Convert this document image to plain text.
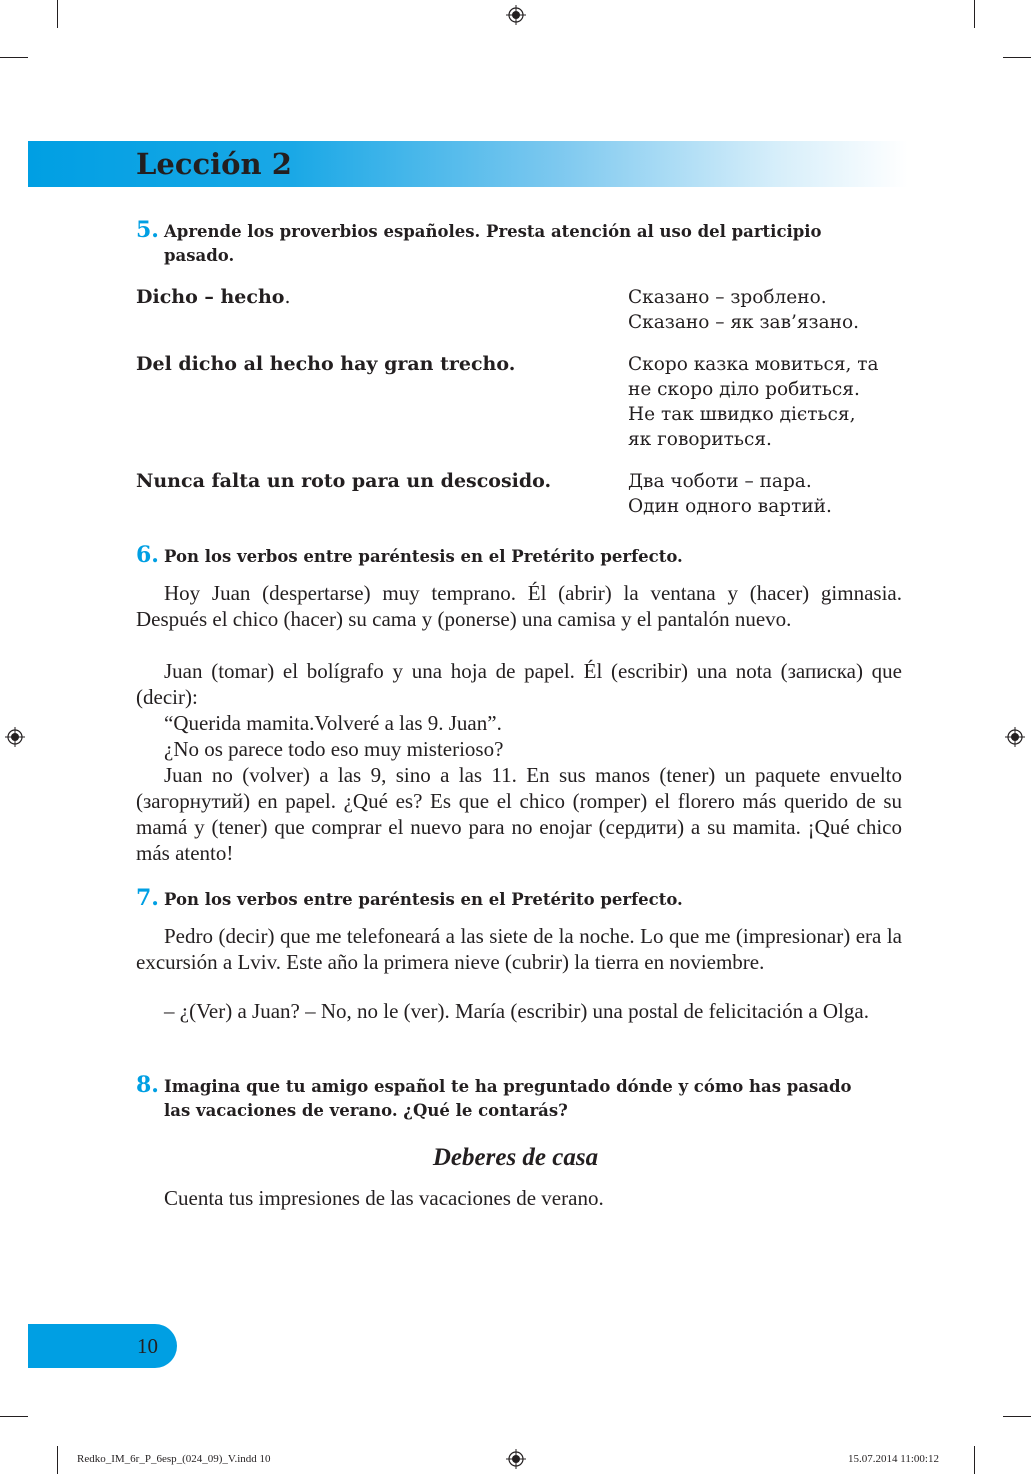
Lección 2
5. Aprende los proverbios españoles. Presta atención al uso del participio
pasado.
Dicho – hecho.	Сказано – зроблено.
Сказано – як зав’язано.
Del dicho al hecho hay gran trecho.	Скоро казка мовиться, та
не скоро діло робиться.
Не так швидко діється,
як говориться.
Nunca falta un roto para un descosido.	Два чоботи – пара.
Один одного вартий.
6. Pon los verbos entre paréntesis en el Pretérito perfecto.

Hoy Juan (despertarse) muy temprano. Él (abrir) la ventana y (hacer) gimnasia. Después el chico (hacer) su cama y (ponerse) una camisa y el pantalón nuevo.

Juan (tomar) el bolígrafo y una hoja de papel. Él (escribir) una nota (записка) que (decir):

“Querida mamita.Volveré a las 9. Juan”.

¿No os parece todo eso muy misterioso?

Juan no (volver) a las 9, sino a las 11. En sus manos (tener) un paquete envuelto (загорнутий) en papel. ¿Qué es? Es que el chico (romper) el florero más querido de su mamá y (tener) que comprar el nuevo para no enojar (сердити) a su mamita. ¡Qué chico más atento!

7. Pon los verbos entre paréntesis en el Pretérito perfecto.

Pedro (decir) que me telefoneará a las siete de la noche. Lo que me (impresionar) era la excursión a Lviv. Este año la primera nieve (cubrir) la tierra en noviembre.

– ¿(Ver) a Juan? – No, no le (ver). María (escribir) una postal de felicitación a Olga.

8. Imagina que tu amigo español te ha preguntado dónde y cómo has pasado
las vacaciones de verano. ¿Qué le contarás?
Deberes de casa
Cuenta tus impresiones de las vacaciones de verano.
10
Redko_IM_6r_P_6esp_(024_09)_V.indd 10	15.07.2014 11:00:12
